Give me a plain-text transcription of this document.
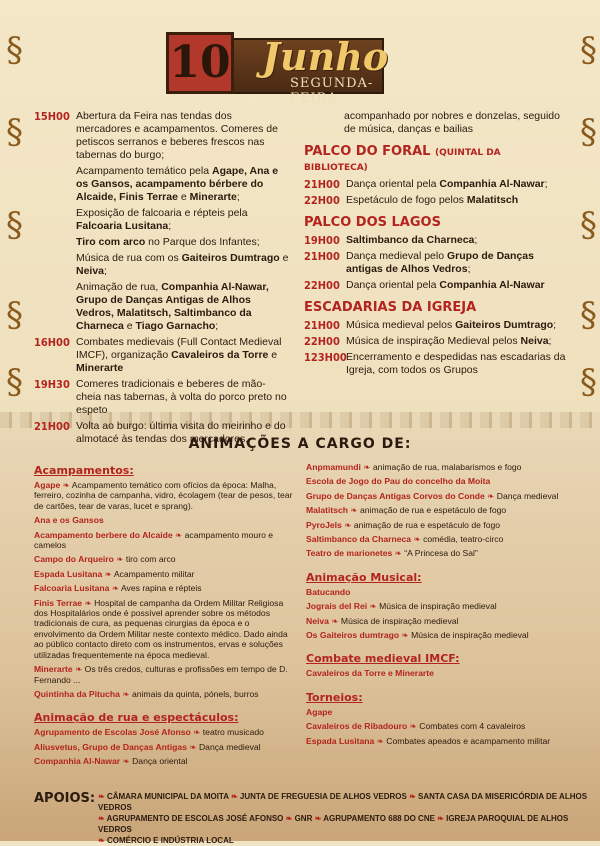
§	§
§	§
§	§
§	§
§	§
10 Junho
SEGUNDA-FEIRA
15H00 Abertura da Feira nas tendas dos mercadores e acampamentos. Comeres de petiscos serranos e beberes frescos nas tabernas do burgo;
Acampamento temático pela Agape, Ana e os Gansos, acampamento bérbere do Alcaide, Finis Terrae e Minerarte;
Exposição de falcoaria e répteis pela Falcoaria Lusitana;
Tiro com arco no Parque dos Infantes;
Música de rua com os Gaiteiros Dumtrago e Neiva;
Animação de rua, Companhia Al-Nawar, Grupo de Danças Antigas de Alhos Vedros, Malatitsch, Saltimbanco da Charneca e Tiago Garnacho;
16H00 Combates medievais (Full Contact Medieval IMCF), organização Cavaleiros da Torre e Minerarte
19H30 Comeres tradicionais e beberes de mão-cheia nas tabernas, à volta do porco preto no espeto
21H00 Volta ao burgo: última visita do meirinho e do almotacé às tendas dos mercadores,
acompanhado por nobres e donzelas, seguido de música, danças e bailias
PALCO DO FORAL (QUINTAL DA BIBLIOTECA)
21H00 Dança oriental pela Companhia Al-Nawar;
22H00 Espetáculo de fogo pelos Malatitsch
PALCO DOS LAGOS
19H00 Saltimbanco da Charneca;
21H00 Dança medieval pelo Grupo de Danças antigas de Alhos Vedros;
22H00 Dança oriental pela Companhia Al-Nawar
ESCADARIAS DA IGREJA
21H00 Música medieval pelos Gaiteiros Dumtrago;
22H00 Música de inspiração Medieval pelos Neiva;
123H00 Encerramento e despedidas nas escadarias da Igreja, com todos os Grupos
ANIMAÇÕES A CARGO DE:
Acampamentos:
Agape ❧ Acampamento temático com ofícios da época: Malha, ferreiro, cozinha de campanha, vidro, écolagem (tear de pesos, tear de cartões, tear de varas, lucet e sprang).
Ana e os Gansos
Acampamento berbere do Alcaide ❧ acampamento mouro e camelos
Campo do Arqueiro ❧ tiro com arco
Espada Lusitana ❧ Acampamento militar
Falcoaria Lusitana ❧ Aves rapina e répteis
Finis Terrae ❧ Hospital de campanha da Ordem Militar Religiosa dos Hospitalários onde é possível aprender sobre os métodos tradicionais de cura, as pequenas cirurgias da época e o envolvimento da Ordem Militar neste contexto médico. Dado ainda ao público contacto direto com os instrumentos, ervas e soluções utilizadas frequentemente na época medieval.
Minerarte ❧ Os três credos, culturas e profissões em tempo de D. Fernando ...
Quintinha da Pitucha ❧ animais da quinta, pónels, burros
Animação de rua e espectáculos:
Agrupamento de Escolas José Afonso ❧ teatro musicado
Aliusvetus, Grupo de Danças Antigas ❧ Dança medieval
Companhia Al-Nawar ❧ Dança oriental
Anpmamundi ❧ animação de rua, malabarismos e fogo
Escola de Jogo do Pau do concelho da Moita
Grupo de Danças Antigas Corvos do Conde ❧ Dança medieval
Malatitsch ❧ animação de rua e espetáculo de fogo
PyroJels ❧ animação de rua e espetáculo de fogo
Saltimbanco da Charneca ❧ comédia, teatro-circo
Teatro de marionetes ❧ “A Princesa do Sal”
Animação Musical:
Batucando
Jograis del Rei ❧ Música de inspiração medieval
Neiva ❧ Música de inspiração medieval
Os Gaiteiros dumtrago ❧ Música de inspiração medieval
Combate medieval IMCF:
Cavaleiros da Torre e Minerarte
Torneios:
Agape
Cavaleiros de Ribadouro ❧ Combates com 4 cavaleiros
Espada Lusitana ❧ Combates apeados e acampamento militar
APOIOS: ❧ CÂMARA MUNICIPAL DA MOITA ❧ JUNTA DE FREGUESIA DE ALHOS VEDROS ❧ SANTA CASA DA MISERICÓRDIA DE ALHOS VEDROS
❧ AGRUPAMENTO DE ESCOLAS JOSÉ AFONSO ❧ GNR ❧ AGRUPAMENTO 688 DO CNE ❧ IGREJA PAROQUIAL DE ALHOS VEDROS
❧ COMÉRCIO E INDÚSTRIA LOCAL
